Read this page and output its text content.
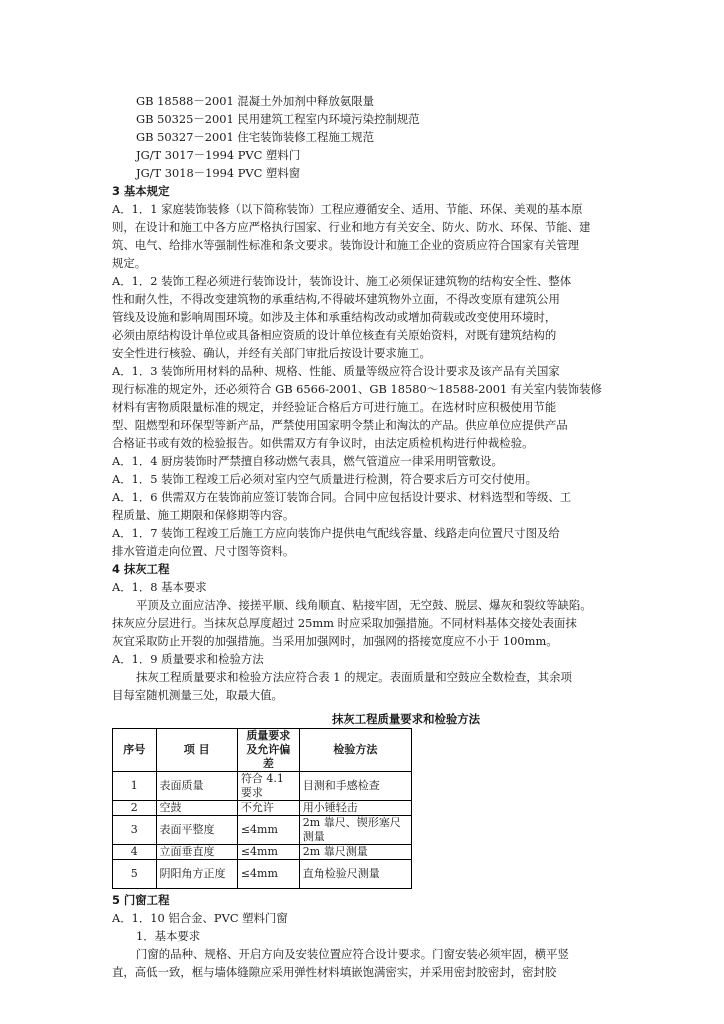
GB 18588－2001 混凝土外加剂中释放氨限量
GB 50325－2001 民用建筑工程室内环境污染控制规范
GB 50327－2001 住宅装饰装修工程施工规范
JG/T 3017－1994 PVC 塑料门
JG/T 3018－1994 PVC 塑料窗
3 基本规定
A．1．1 家庭装饰装修（以下简称装饰）工程应遵循安全、适用、节能、环保、美观的基本原
则，在设计和施工中各方应严格执行国家、行业和地方有关安全、防火、防水、环保、节能、建
筑、电气、给排水等强制性标准和条文要求。装饰设计和施工企业的资质应符合国家有关管理
规定。
A．1．2 装饰工程必须进行装饰设计，装饰设计、施工必须保证建筑物的结构安全性、整体
性和耐久性，不得改变建筑物的承重结构,不得破坏建筑物外立面，不得改变原有建筑公用
管线及设施和影响周围环境。如涉及主体和承重结构改动或增加荷载或改变使用环境时，
必须由原结构设计单位或具备相应资质的设计单位核查有关原始资料，对既有建筑结构的
安全性进行核验、确认，并经有关部门审批后按设计要求施工。
A．1．3 装饰所用材料的品种、规格、性能、质量等级应符合设计要求及该产品有关国家
现行标准的规定外，还必须符合 GB 6566-2001、GB 18580～18588-2001 有关室内装饰装修
材料有害物质限量标准的规定，并经验证合格后方可进行施工。在选材时应积极使用节能
型、阻燃型和环保型等新产品，严禁使用国家明令禁止和淘汰的产品。供应单位应提供产品
合格证书或有效的检验报告。如供需双方有争议时，由法定质检机构进行仲裁检验。
A．1．4 厨房装饰时严禁擅自移动燃气表具，燃气管道应一律采用明管敷设。
A．1．5 装饰工程竣工后必须对室内空气质量进行检测，符合要求后方可交付使用。
A．1．6 供需双方在装饰前应签订装饰合同。合同中应包括设计要求、材料选型和等级、工
程质量、施工期限和保修期等内容。
A．1．7 装饰工程竣工后施工方应向装饰户提供电气配线容量、线路走向位置尺寸图及给
排水管道走向位置、尺寸图等资料。
4 抹灰工程
A．1．8 基本要求
平顶及立面应洁净、接搓平顺、线角顺直、粘接牢固，无空鼓、脱层、爆灰和裂纹等缺陷。
抹灰应分层进行。当抹灰总厚度超过 25mm 时应采取加强措施。不同材料基体交接处表面抹
灰宜采取防止开裂的加强措施。当采用加强网时，加强网的搭接宽度应不小于 100mm。
A．1．9 质量要求和检验方法
抹灰工程质量要求和检验方法应符合表 1 的规定。表面质量和空鼓应全数检查，其余项
目每室随机测量三处，取最大值。
抹灰工程质量要求和检验方法
序号	项 目	质量要求及允许偏差	检验方法
1	表面质量	符合 4.1 要求	目测和手感检查
2	空鼓	不允许	用小锤轻击
3	表面平整度	≤4mm	2m 靠尺、锲形塞尺测量
4	立面垂直度	≤4mm	2m 靠尺测量
5	阴阳角方正度	≤4mm	直角检验尺测量
5 门窗工程
A．1．10 铝合金、PVC 塑料门窗
1．基本要求
门窗的品种、规格、开启方向及安装位置应符合设计要求。门窗安装必须牢固，横平竖
直，高低一致，框与墙体缝隙应采用弹性材料填嵌饱满密实，并采用密封胶密封，密封胶
